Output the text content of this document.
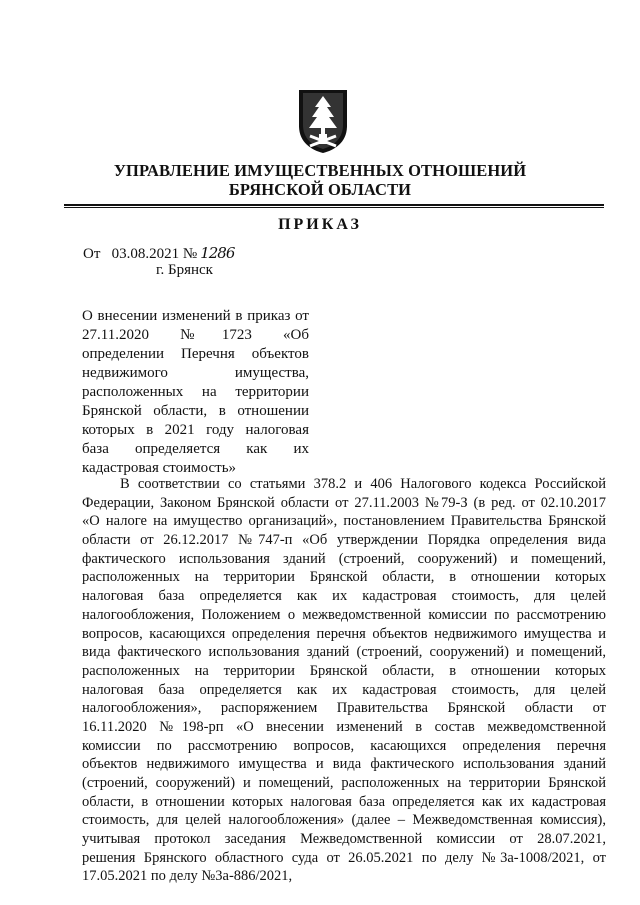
УПРАВЛЕНИЕ ИМУЩЕСТВЕННЫХ ОТНОШЕНИЙ
БРЯНСКОЙ ОБЛАСТИ
ПРИКАЗ
От 03.08.2021 № 1286
г. Брянск
О внесении изменений в приказ от
27.11.2020 №1723 «Об
определении Перечня объектов
недвижимого имущества,
расположенных на территории
Брянской области, в отношении
которых в 2021 году налоговая
база определяется как их
кадастровая стоимость»
В соответствии со статьями 378.2 и 406 Налогового кодекса Российской
Федерации, Законом Брянской области от 27.11.2003 №79-З (в ред. от 02.10.2017
«О налоге на имущество организаций», постановлением Правительства Брянской
области от 26.12.2017 №747-п «Об утверждении Порядка определения вида
фактического использования зданий (строений, сооружений) и помещений,
расположенных на территории Брянской области, в отношении которых
налоговая база определяется как их кадастровая стоимость, для целей
налогообложения, Положением о межведомственной комиссии по рассмотрению
вопросов, касающихся определения перечня объектов недвижимого имущества и
вида фактического использования зданий (строений, сооружений) и помещений,
расположенных на территории Брянской области, в отношении которых
налоговая база определяется как их кадастровая стоимость, для целей
налогообложения», распоряжением Правительства Брянской области от
16.11.2020 №198-рп «О внесении изменений в состав межведомственной
комиссии по рассмотрению вопросов, касающихся определения перечня
объектов недвижимого имущества и вида фактического использования зданий
(строений, сооружений) и помещений, расположенных на территории Брянской
области, в отношении которых налоговая база определяется как их кадастровая
стоимость, для целей налогообложения» (далее – Межведомственная комиссия),
учитывая протокол заседания Межведомственной комиссии от 28.07.2021,
решения Брянского областного суда от 26.05.2021 по делу №3а-1008/2021, от
17.05.2021 по делу №3а-886/2021,
